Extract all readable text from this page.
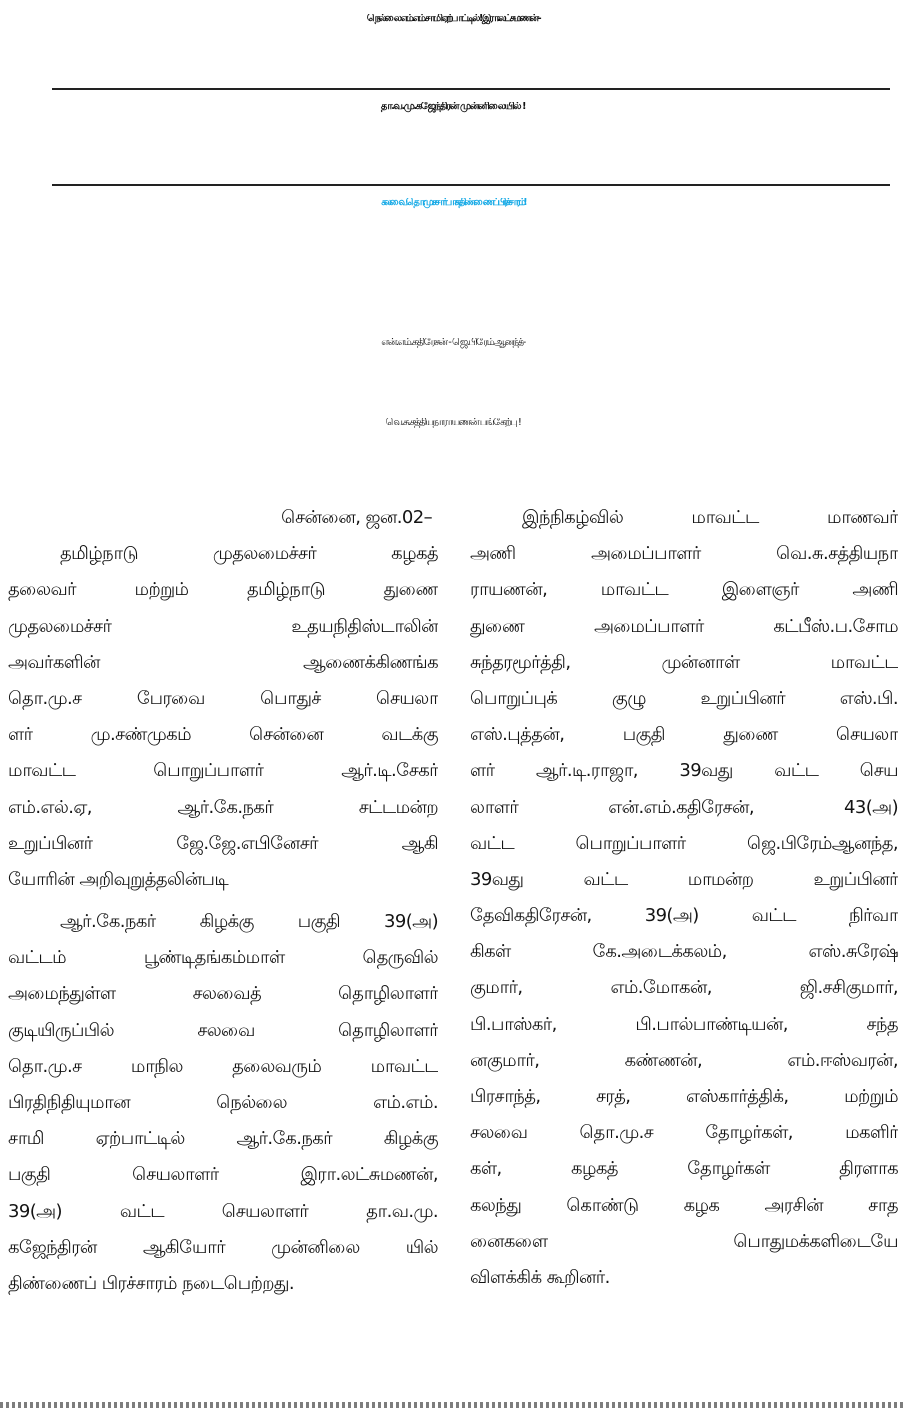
நெல்லை எம்.எம்.சாமி ஏற்பாட்டில் ! இரா.லட்சுமணன் -
தா.வ.மு.கஜேந்திரன் முன்னிலையில் !
சலவை தொ.மு.ச சார்பாக திண்ணைப் பிரச்சாரம்!
என்.எம்.கதிரேசன் - ஜெ.பிரேம்ஆனந்த்-
வெ.சு.சத்தியநாராயணன் பங்கேற்பு !
சென்னை, ஜன.02–
தமிழ்நாடு முதலமைச்சர் கழகத்
தலைவர் மற்றும் தமிழ்நாடு துணை
முதலமைச்சர் உதயநிதிஸ்டாலின்
அவர்களின் ஆணைக்கிணங்க
தொ.மு.ச பேரவை பொதுச் செயலா
ளர் மு.சண்முகம் சென்னை வடக்கு
மாவட்ட பொறுப்பாளர் ஆர்.டி.சேகர்
எம்.எல்.ஏ, ஆர்.கே.நகர் சட்டமன்ற
உறுப்பினர் ஜே.ஜே.எபினேசர் ஆகி
யோரின் அறிவுறுத்தலின்படி
ஆர்.கே.நகர் கிழக்கு பகுதி 39(அ)
வட்டம் பூண்டிதங்கம்மாள் தெருவில்
அமைந்துள்ள சலவைத் தொழிலாளர்
குடியிருப்பில் சலவை தொழிலாளர்
தொ.மு.ச மாநில தலைவரும் மாவட்ட
பிரதிநிதியுமான நெல்லை எம்.எம்.
சாமி ஏற்பாட்டில் ஆர்.கே.நகர் கிழக்கு
பகுதி செயலாளர் இரா.லட்சுமணன்,
39(அ) வட்ட செயலாளர் தா.வ.மு.
கஜேந்திரன் ஆகியோர் முன்னிலை யில்
திண்ணைப் பிரச்சாரம் நடைபெற்றது.
இந்நிகழ்வில் மாவட்ட மாணவர்
அணி அமைப்பாளர் வெ.சு.சத்தியநா
ராயணன், மாவட்ட இளைஞர் அணி
துணை அமைப்பாளர் கட்பீஸ்.ப.சோம
சுந்தரமூர்த்தி, முன்னாள் மாவட்ட
பொறுப்புக் குழு உறுப்பினர் எஸ்.பி.
எஸ்.புத்தன், பகுதி துணை செயலா
ளர் ஆர்.டி.ராஜா, 39வது வட்ட செய
லாளர் என்.எம்.கதிரேசன், 43(அ)
வட்ட பொறுப்பாளர் ஜெ.பிரேம்ஆனந்த,
39வது வட்ட மாமன்ற உறுப்பினர்
தேவிகதிரேசன், 39(அ) வட்ட நிர்வா
கிகள் கே.அடைக்கலம், எஸ்.சுரேஷ்
குமார், எம்.மோகன், ஜி.சசிகுமார்,
பி.பாஸ்கர், பி.பால்பாண்டியன், சந்த
னகுமார், கண்ணன், எம்.ஈஸ்வரன்,
பிரசாந்த், சரத், எஸ்கார்த்திக், மற்றும்
சலவை தொ.மு.ச தோழர்கள், மகளிர்
கள், கழகத் தோழர்கள் திரளாக
கலந்து கொண்டு கழக அரசின் சாத
னைகளை பொதுமக்களிடையே
விளக்கிக் கூறினர்.
